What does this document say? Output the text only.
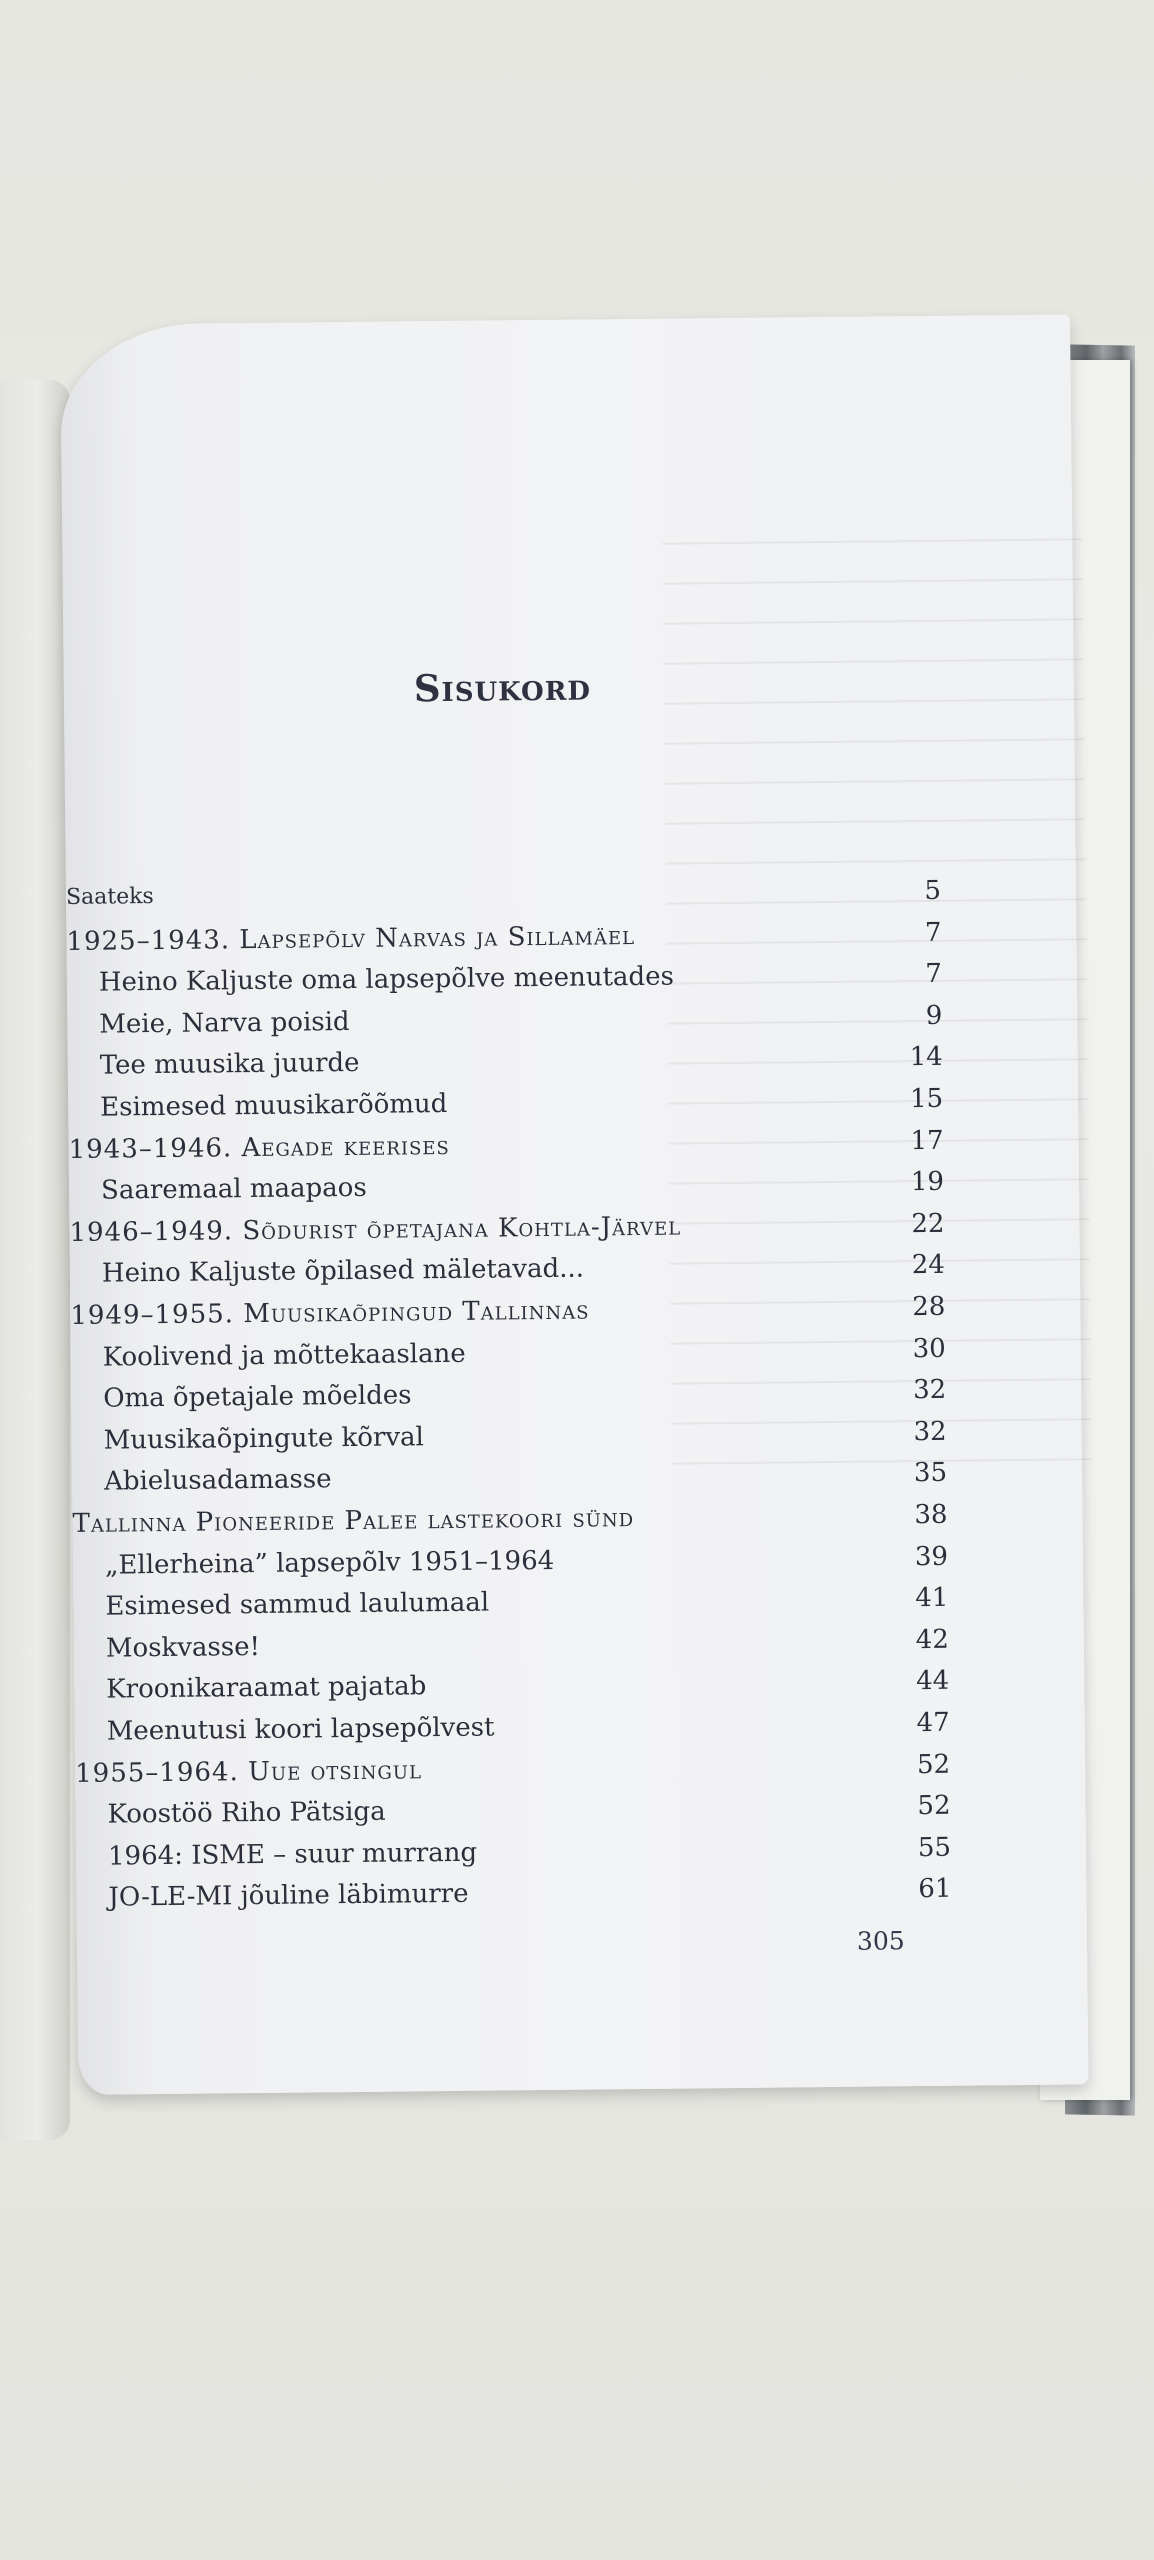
Sisukord
Saateks	5
1925–1943. Lapsepõlv Narvas ja Sillamäel	7
Heino Kaljuste oma lapsepõlve meenutades	7
Meie, Narva poisid	9
Tee muusika juurde	14
Esimesed muusikarõõmud	15
1943–1946. Aegade keerises	17
Saaremaal maapaos	19
1946–1949. Sõdurist õpetajana Kohtla-Järvel	22
Heino Kaljuste õpilased mäletavad...	24
1949–1955. Muusikaõpingud Tallinnas	28
Koolivend ja mõttekaaslane	30
Oma õpetajale mõeldes	32
Muusikaõpingute kõrval	32
Abielusadamasse	35
Tallinna Pioneeride Palee lastekoori sünd	38
„Ellerheina” lapsepõlv 1951–1964	39
Esimesed sammud laulumaal	41
Moskvasse!	42
Kroonikaraamat pajatab	44
Meenutusi koori lapsepõlvest	47
1955–1964. Uue otsingul	52
Koostöö Riho Pätsiga	52
1964: ISME – suur murrang	55
JO-LE-MI jõuline läbimurre	61
305
